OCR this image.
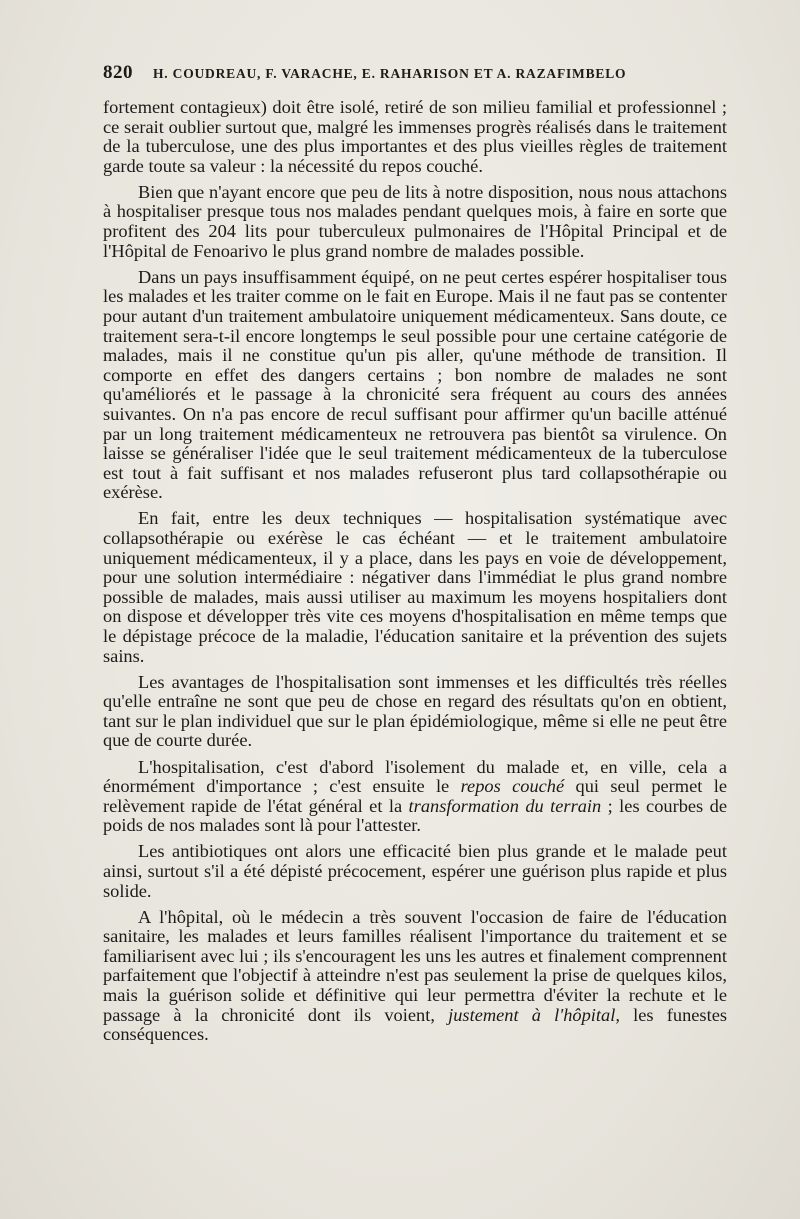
820 H. COUDREAU, F. VARACHE, E. RAHARISON ET A. RAZAFIMBELO

fortement contagieux) doit être isolé, retiré de son milieu familial et professionnel ; ce serait oublier surtout que, malgré les immenses progrès réalisés dans le traitement de la tuberculose, une des plus importantes et des plus vieilles règles de traitement garde toute sa valeur : la nécessité du repos couché.

Bien que n'ayant encore que peu de lits à notre disposition, nous nous attachons à hospitaliser presque tous nos malades pendant quelques mois, à faire en sorte que profitent des 204 lits pour tuberculeux pulmonaires de l'Hôpital Principal et de l'Hôpital de Fenoarivo le plus grand nombre de malades possible.

Dans un pays insuffisamment équipé, on ne peut certes espérer hospitaliser tous les malades et les traiter comme on le fait en Europe. Mais il ne faut pas se contenter pour autant d'un traitement ambulatoire uniquement médicamenteux. Sans doute, ce traitement sera-t-il encore longtemps le seul possible pour une certaine catégorie de malades, mais il ne constitue qu'un pis aller, qu'une méthode de transition. Il comporte en effet des dangers certains ; bon nombre de malades ne sont qu'améliorés et le passage à la chronicité sera fréquent au cours des années suivantes. On n'a pas encore de recul suffisant pour affirmer qu'un bacille atténué par un long traitement médicamenteux ne retrouvera pas bientôt sa virulence. On laisse se généraliser l'idée que le seul traitement médicamenteux de la tuberculose est tout à fait suffisant et nos malades refuseront plus tard collapsothérapie ou exérèse.

En fait, entre les deux techniques — hospitalisation systématique avec collapsothérapie ou exérèse le cas échéant — et le traitement ambulatoire uniquement médicamenteux, il y a place, dans les pays en voie de développement, pour une solution intermédiaire : négativer dans l'immédiat le plus grand nombre possible de malades, mais aussi utiliser au maximum les moyens hospitaliers dont on dispose et développer très vite ces moyens d'hospitalisation en même temps que le dépistage précoce de la maladie, l'éducation sanitaire et la prévention des sujets sains.

Les avantages de l'hospitalisation sont immenses et les difficultés très réelles qu'elle entraîne ne sont que peu de chose en regard des résultats qu'on en obtient, tant sur le plan individuel que sur le plan épidémiologique, même si elle ne peut être que de courte durée.

L'hospitalisation, c'est d'abord l'isolement du malade et, en ville, cela a énormément d'importance ; c'est ensuite le repos couché qui seul permet le relèvement rapide de l'état général et la transformation du terrain ; les courbes de poids de nos malades sont là pour l'attester.

Les antibiotiques ont alors une efficacité bien plus grande et le malade peut ainsi, surtout s'il a été dépisté précocement, espérer une guérison plus rapide et plus solide.

A l'hôpital, où le médecin a très souvent l'occasion de faire de l'éducation sanitaire, les malades et leurs familles réalisent l'importance du traitement et se familiarisent avec lui ; ils s'encouragent les uns les autres et finalement comprennent parfaitement que l'objectif à atteindre n'est pas seulement la prise de quelques kilos, mais la guérison solide et définitive qui leur permettra d'éviter la rechute et le passage à la chronicité dont ils voient, justement à l'hôpital, les funestes conséquences.
